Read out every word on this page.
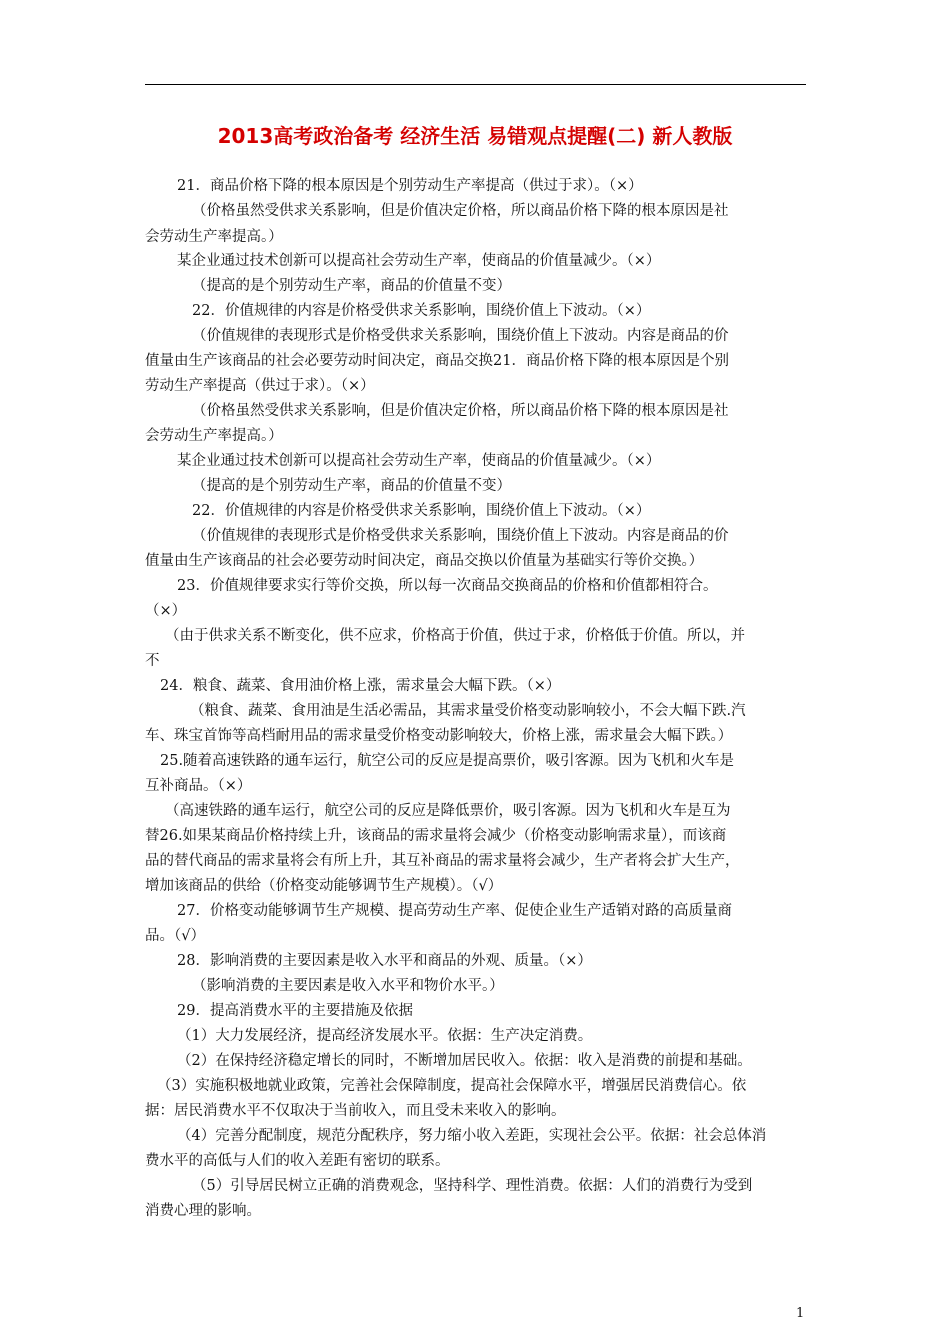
2013高考政治备考 经济生活 易错观点提醒(二) 新人教版
21．商品价格下降的根本原因是个别劳动生产率提高（供过于求）。（×）
（价格虽然受供求关系影响，但是价值决定价格，所以商品价格下降的根本原因是社
会劳动生产率提高。）
某企业通过技术创新可以提高社会劳动生产率，使商品的价值量减少。（×）
（提高的是个别劳动生产率，商品的价值量不变）
22．价值规律的内容是价格受供求关系影响，围绕价值上下波动。（×）
（价值规律的表现形式是价格受供求关系影响，围绕价值上下波动。内容是商品的价
值量由生产该商品的社会必要劳动时间决定，商品交换21．商品价格下降的根本原因是个别
劳动生产率提高（供过于求）。（×）
（价格虽然受供求关系影响，但是价值决定价格，所以商品价格下降的根本原因是社
会劳动生产率提高。）
某企业通过技术创新可以提高社会劳动生产率，使商品的价值量减少。（×）
（提高的是个别劳动生产率，商品的价值量不变）
22．价值规律的内容是价格受供求关系影响，围绕价值上下波动。（×）
（价值规律的表现形式是价格受供求关系影响，围绕价值上下波动。内容是商品的价
值量由生产该商品的社会必要劳动时间决定，商品交换以价值量为基础实行等价交换。）
23．价值规律要求实行等价交换，所以每一次商品交换商品的价格和价值都相符合。
（×）
（由于供求关系不断变化，供不应求，价格高于价值，供过于求，价格低于价值。所以，并
不
24．粮食、蔬菜、食用油价格上涨，需求量会大幅下跌。（×）
（粮食、蔬菜、食用油是生活必需品，其需求量受价格变动影响较小，不会大幅下跌.汽
车、珠宝首饰等高档耐用品的需求量受价格变动影响较大，价格上涨，需求量会大幅下跌。）
25.随着高速铁路的通车运行，航空公司的反应是提高票价，吸引客源。因为飞机和火车是
互补商品。（×）
（高速铁路的通车运行，航空公司的反应是降低票价，吸引客源。因为飞机和火车是互为
替26.如果某商品价格持续上升，该商品的需求量将会减少（价格变动影响需求量），而该商
品的替代商品的需求量将会有所上升，其互补商品的需求量将会减少，生产者将会扩大生产，
增加该商品的供给（价格变动能够调节生产规模）。（√）
27．价格变动能够调节生产规模、提高劳动生产率、促使企业生产适销对路的高质量商
品。（√）
28．影响消费的主要因素是收入水平和商品的外观、质量。（×）
（影响消费的主要因素是收入水平和物价水平。）
29．提高消费水平的主要措施及依据
（1）大力发展经济，提高经济发展水平。依据：生产决定消费。
（2）在保持经济稳定增长的同时，不断增加居民收入。依据：收入是消费的前提和基础。
（3）实施积极地就业政策，完善社会保障制度，提高社会保障水平，增强居民消费信心。依
据：居民消费水平不仅取决于当前收入，而且受未来收入的影响。
（4）完善分配制度，规范分配秩序，努力缩小收入差距，实现社会公平。依据：社会总体消
费水平的高低与人们的收入差距有密切的联系。
（5）引导居民树立正确的消费观念，坚持科学、理性消费。依据：人们的消费行为受到
消费心理的影响。
1
